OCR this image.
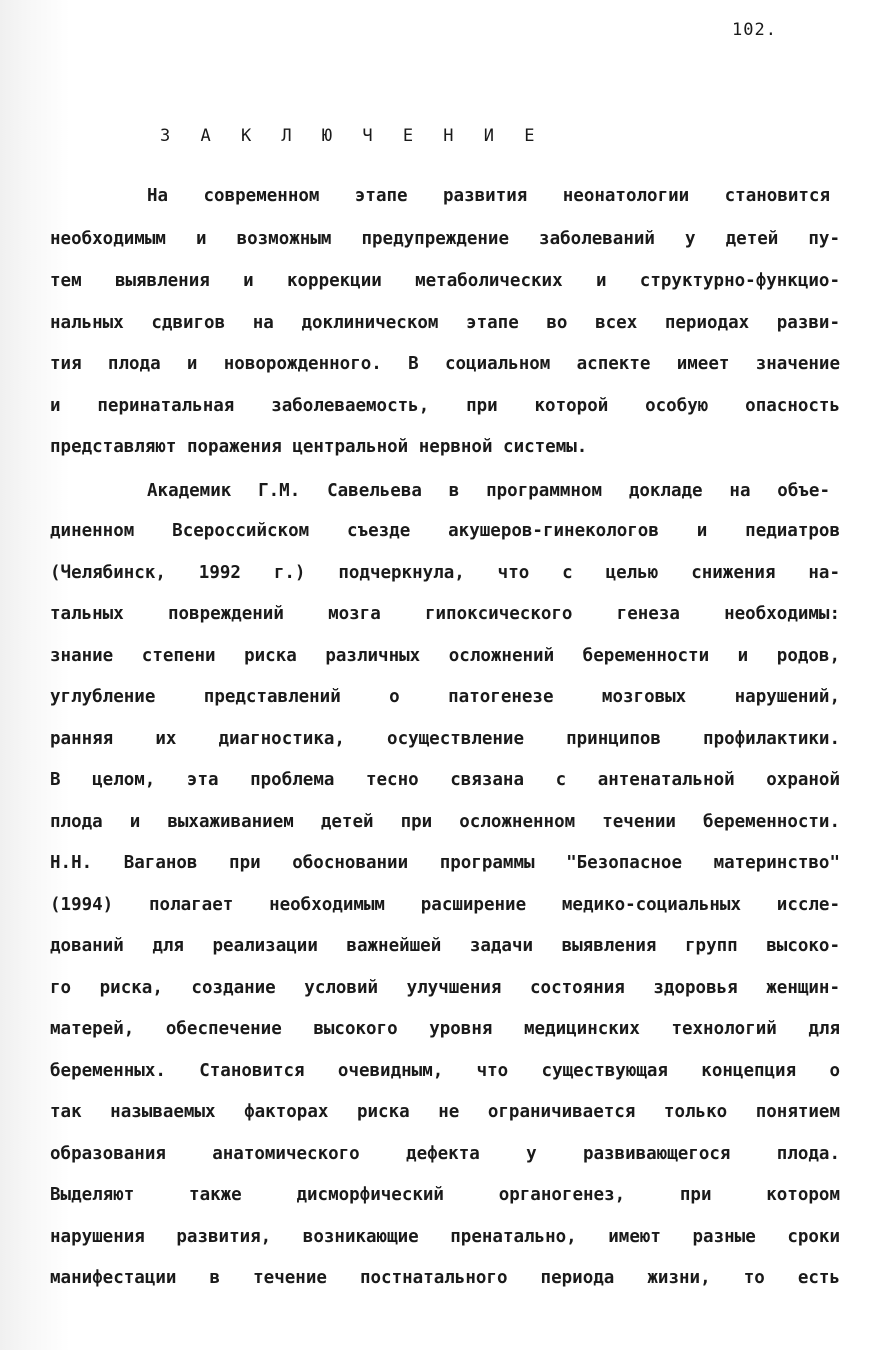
102.
З А К Л Ю Ч Е Н И Е
На современном этапе развития неонатологии становится
необходимым и возможным предупреждение заболеваний у детей пу-
тем выявления и коррекции метаболических и структурно-функцио-
нальных сдвигов на доклиническом этапе во всех периодах разви-
тия плода и новорожденного. В социальном аспекте имеет значение
и перинатальная заболеваемость, при которой особую опасность
представляют поражения центральной нервной системы.
Академик Г.М. Савельева в программном докладе на объе-
диненном Всероссийском съезде акушеров-гинекологов и педиатров
(Челябинск, 1992 г.) подчеркнула, что с целью снижения на-
тальных повреждений мозга гипоксического генеза необходимы:
знание степени риска различных осложнений беременности и родов,
углубление представлений о патогенезе мозговых нарушений,
ранняя их диагностика, осуществление принципов профилактики.
В целом, эта проблема тесно связана с антенатальной охраной
плода и выхаживанием детей при осложненном течении беременности.
Н.Н. Ваганов при обосновании программы "Безопасное материнство"
(1994) полагает необходимым расширение медико-социальных иссле-
дований для реализации важнейшей задачи выявления групп высоко-
го риска, создание условий улучшения состояния здоровья женщин-
матерей, обеспечение высокого уровня медицинских технологий для
беременных. Становится очевидным, что существующая концепция о
так называемых факторах риска не ограничивается только понятием
образования анатомического дефекта у развивающегося плода.
Выделяют также дисморфический органогенез, при котором
нарушения развития, возникающие пренатально, имеют разные сроки
манифестации в течение постнатального периода жизни, то есть
